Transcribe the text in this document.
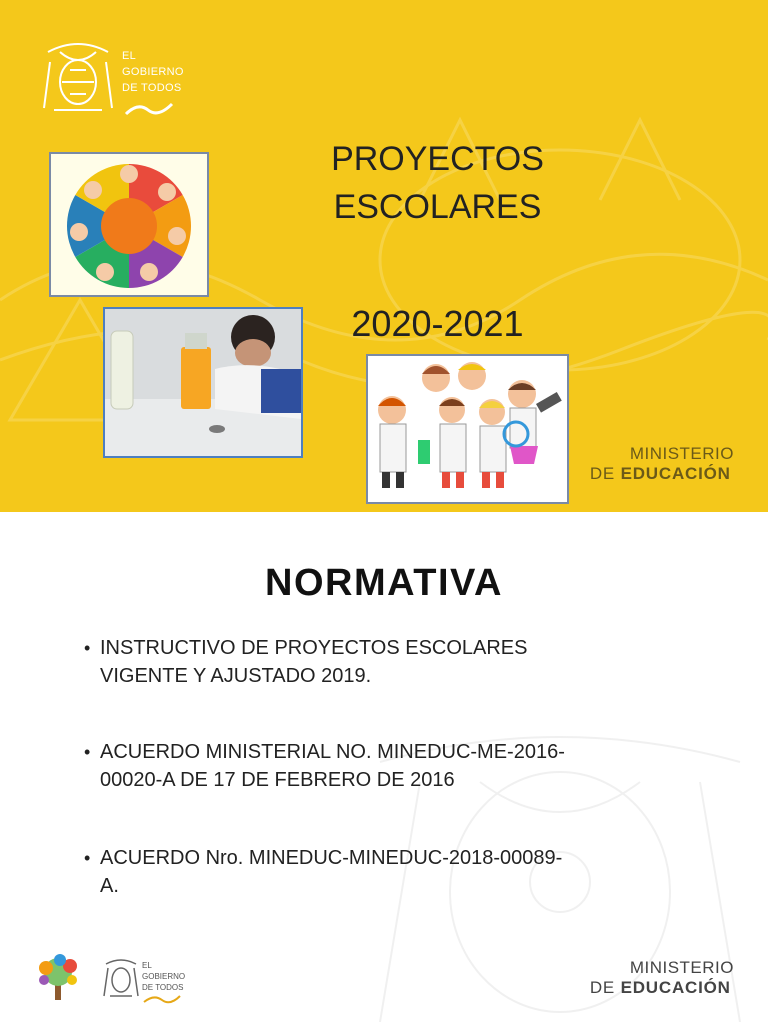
EL
GOBIERNO
DE TODOS
PROYECTOS
ESCOLARES
2020-2021
MINISTERIO
DE EDUCACIÓN
NORMATIVA
• INSTRUCTIVO DE PROYECTOS ESCOLARES
VIGENTE Y AJUSTADO 2019.
• ACUERDO MINISTERIAL NO. MINEDUC-ME-2016-
00020-A DE 17 DE FEBRERO DE 2016
• ACUERDO Nro. MINEDUC-MINEDUC-2018-00089-
A.
EL
GOBIERNO
DE TODOS
MINISTERIO
DE EDUCACIÓN
